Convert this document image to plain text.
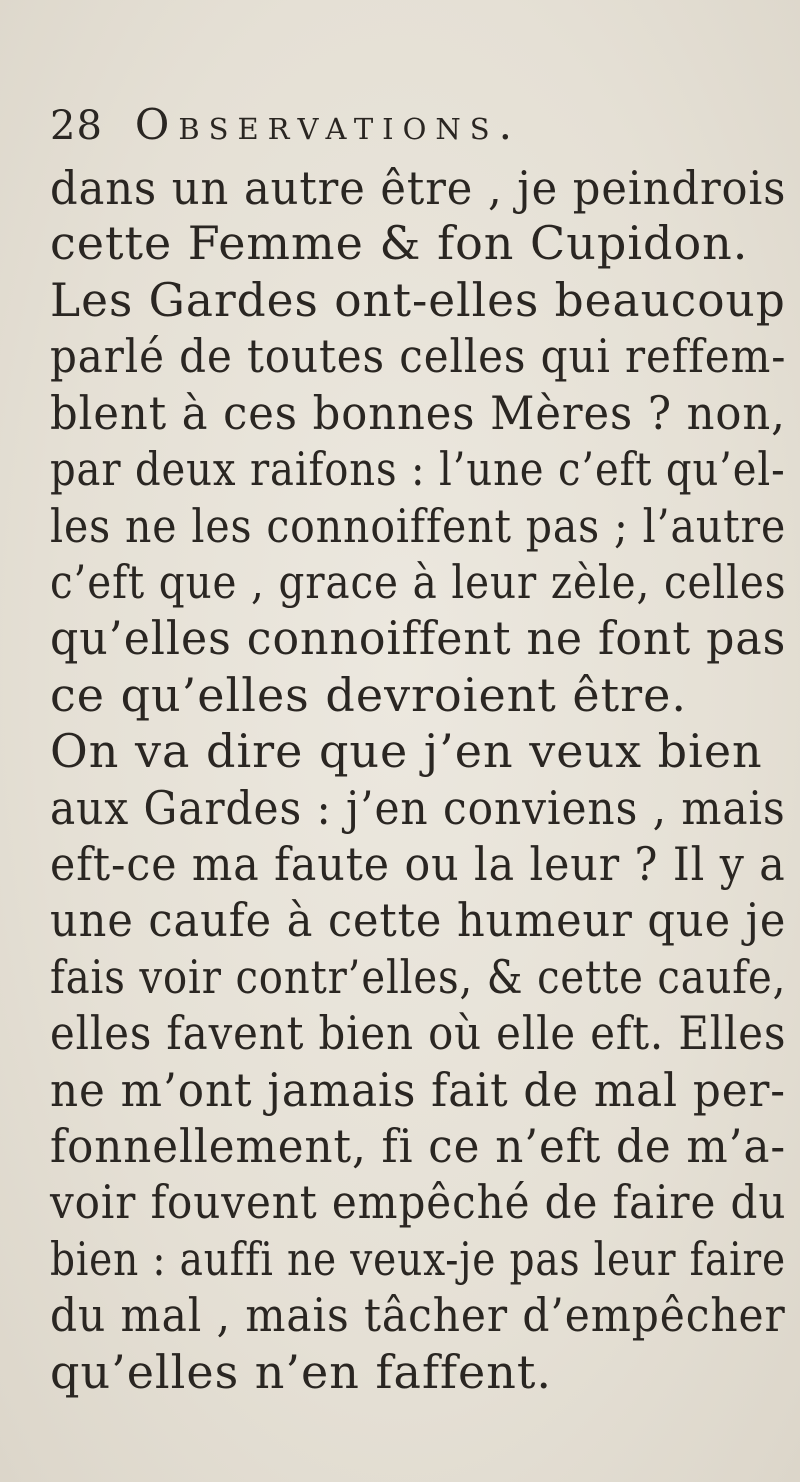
28 Observations.
dans un autre être , je peindrois
cette Femme & fon Cupidon.
Les Gardes ont-elles beaucoup
parlé de toutes celles qui reffem-
blent à ces bonnes Mères ? non,
par deux raifons : l’une c’eft qu’el-
les ne les connoiffent pas ; l’autre
c’eft que , grace à leur zèle, celles
qu’elles connoiffent ne font pas
ce qu’elles devroient être.
On va dire que j’en veux bien
aux Gardes : j’en conviens , mais
eft-ce ma faute ou la leur ? Il y a
une caufe à cette humeur que je
fais voir contr’elles, & cette caufe,
elles favent bien où elle eft. Elles
ne m’ont jamais fait de mal per-
fonnellement, fi ce n’eft de m’a-
voir fouvent empêché de faire du
bien : auffi ne veux-je pas leur faire
du mal , mais tâcher d’empêcher
qu’elles n’en faffent.
